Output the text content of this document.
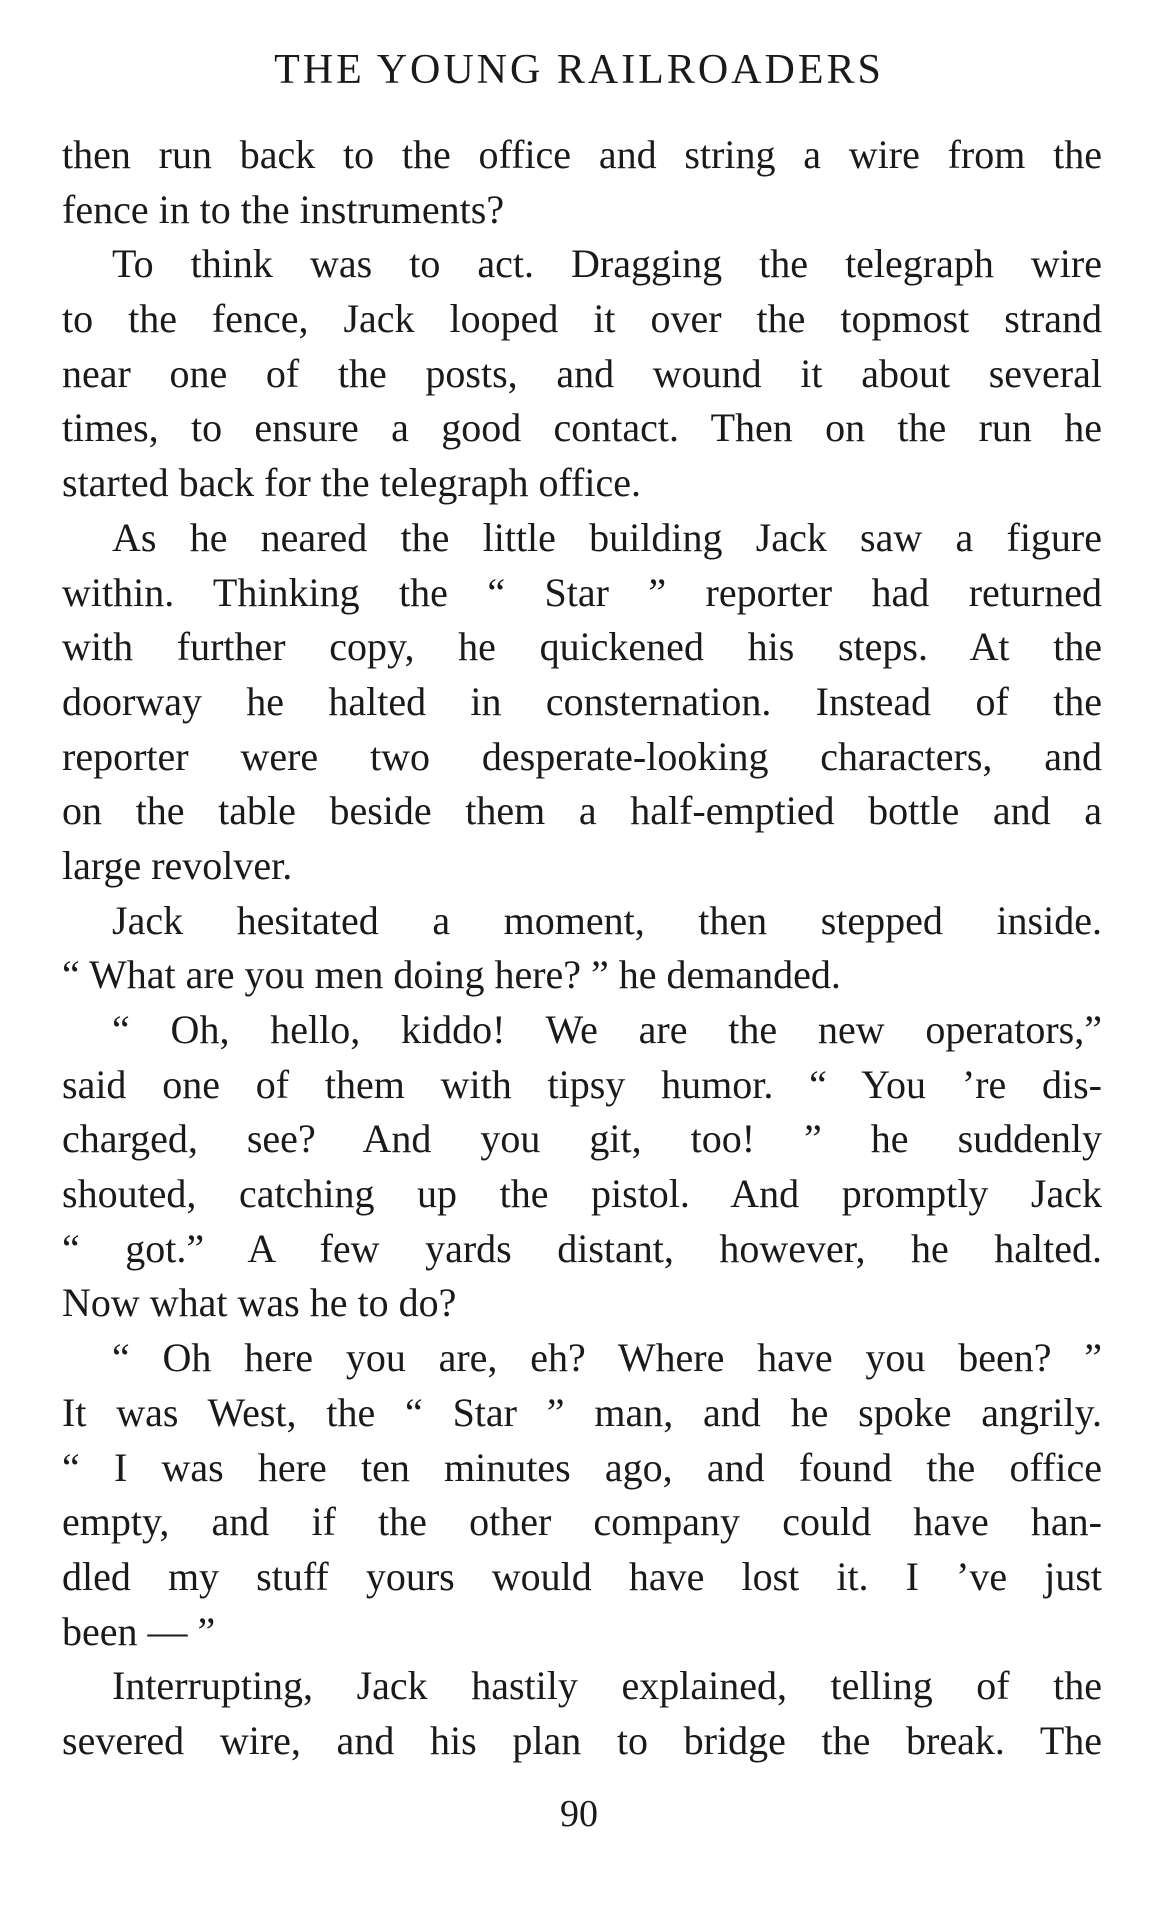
THE YOUNG RAILROADERS
then run back to the office and string a wire from the
fence in to the instruments?
To think was to act. Dragging the telegraph wire
to the fence, Jack looped it over the topmost strand
near one of the posts, and wound it about several
times, to ensure a good contact. Then on the run he
started back for the telegraph office.
As he neared the little building Jack saw a figure
within. Thinking the “ Star ” reporter had returned
with further copy, he quickened his steps. At the
doorway he halted in consternation. Instead of the
reporter were two desperate-looking characters, and
on the table beside them a half-emptied bottle and a
large revolver.
Jack hesitated a moment, then stepped inside.
“ What are you men doing here? ” he demanded.
“ Oh, hello, kiddo! We are the new operators,”
said one of them with tipsy humor. “ You ’re dis-
charged, see? And you git, too! ” he suddenly
shouted, catching up the pistol. And promptly Jack
“ got.” A few yards distant, however, he halted.
Now what was he to do?
“ Oh here you are, eh? Where have you been? ”
It was West, the “ Star ” man, and he spoke angrily.
“ I was here ten minutes ago, and found the office
empty, and if the other company could have han-
dled my stuff yours would have lost it. I ’ve just
been — ”
Interrupting, Jack hastily explained, telling of the
severed wire, and his plan to bridge the break. The
90
